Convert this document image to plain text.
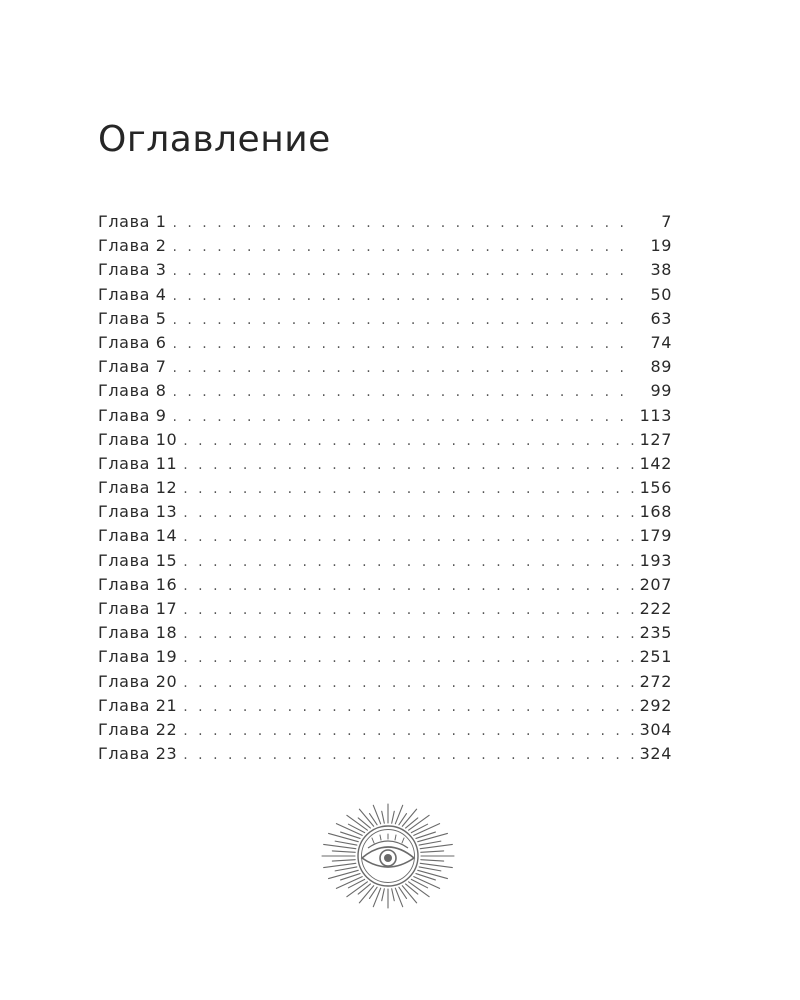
Оглавление
Глава 1 . . .	7
Глава 2 . . .	19
Глава 3 . . .	38
Глава 4 . . .	50
Глава 5 . . .	63
Глава 6 . . .	74
Глава 7 . . .	89
Глава 8 . . .	99
Глава 9 . . .	113
Глава 10 . . .	127
Глава 11 . . .	142
Глава 12 . . .	156
Глава 13 . . .	168
Глава 14 . . .	179
Глава 15 . . .	193
Глава 16 . . .	207
Глава 17 . . .	222
Глава 18 . . .	235
Глава 19 . . .	251
Глава 20 . . .	272
Глава 21 . . .	292
Глава 22 . . .	304
Глава 23 . . .	324
